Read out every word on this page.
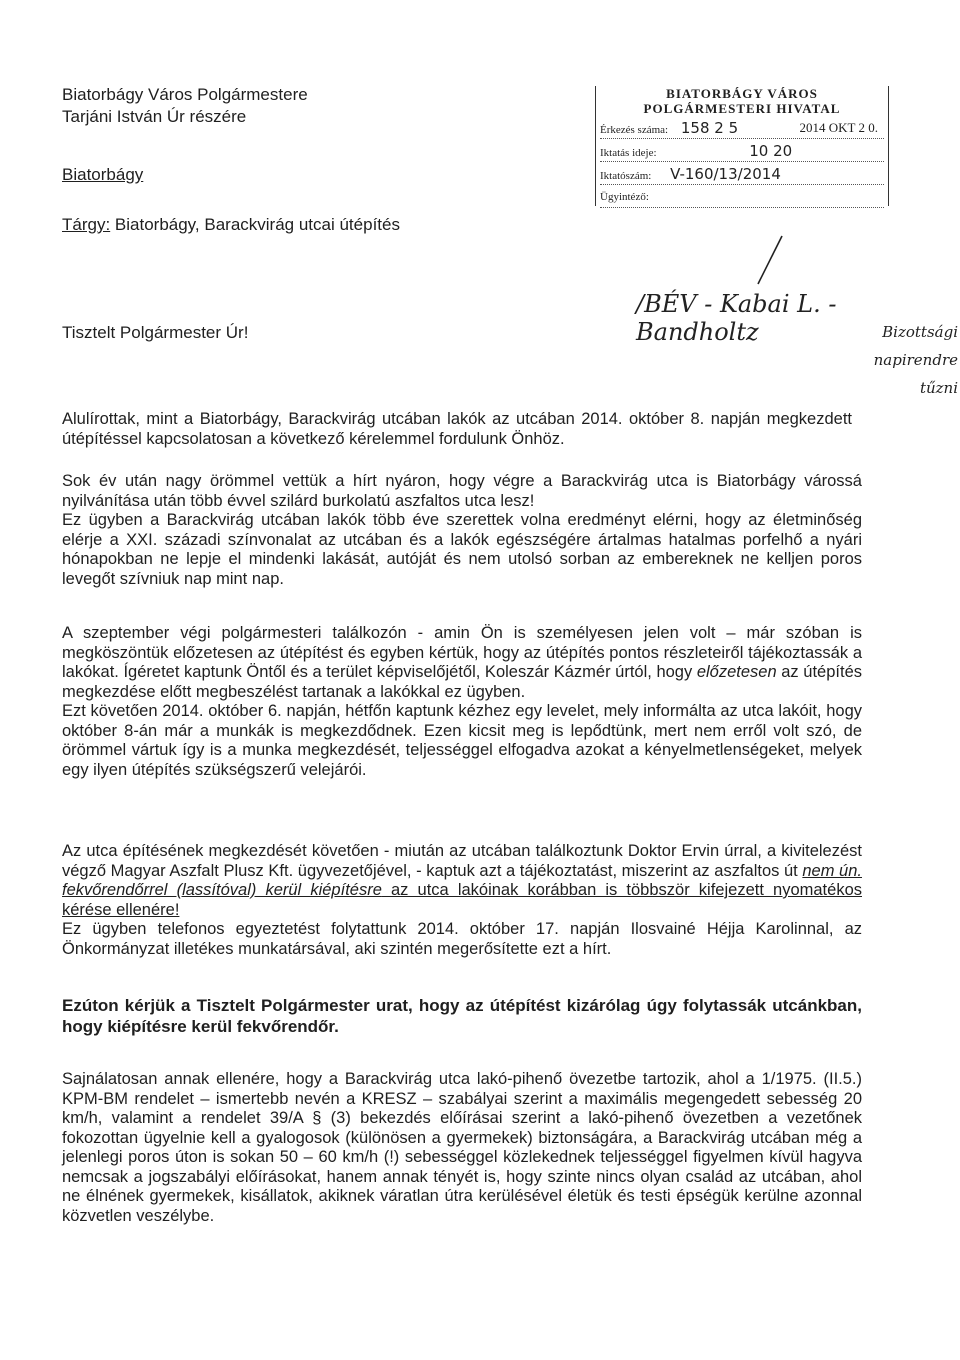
Biatorbágy Város Polgármestere
Tarjáni István Úr részére
Biatorbágy
Tárgy: Biatorbágy, Barackvirág utcai útépítés
BIATORBÁGY VÁROS
POLGÁRMESTERI HIVATAL
Érkezés száma: 158 2 5	2014 OKT 2 0.
Iktatás ideje:	10 20
Iktatószám: V-160/13/2014
Ügyintéző:
/BÉV - Kabai L. - Bandholtz	Bizottsági napirendre tűzni
Tisztelt Polgármester Úr!
Alulírottak, mint a Biatorbágy, Barackvirág utcában lakók az utcában 2014. október 8. napján megkezdett útépítéssel kapcsolatosan a következő kérelemmel fordulunk Önhöz.

Sok év után nagy örömmel vettük a hírt nyáron, hogy végre a Barackvirág utca is Biatorbágy várossá nyilvánítása után több évvel szilárd burkolatú aszfaltos utca lesz!

Ez ügyben a Barackvirág utcában lakók több éve szerettek volna eredményt elérni, hogy az életminőség elérje a XXI. századi színvonalat az utcában és a lakók egészségére ártalmas hatalmas porfelhő a nyári hónapokban ne lepje el mindenki lakását, autóját és nem utolsó sorban az embereknek ne kelljen poros levegőt szívniuk nap mint nap.

A szeptember végi polgármesteri találkozón - amin Ön is személyesen jelen volt – már szóban is megköszöntük előzetesen az útépítést és egyben kértük, hogy az útépítés pontos részleteiről tájékoztassák a lakókat. Ígéretet kaptunk Öntől és a terület képviselőjétől, Koleszár Kázmér úrtól, hogy előzetesen az útépítés megkezdése előtt megbeszélést tartanak a lakókkal ez ügyben.

Ezt követően 2014. október 6. napján, hétfőn kaptunk kézhez egy levelet, mely informálta az utca lakóit, hogy október 8-án már a munkák is megkezdődnek. Ezen kicsit meg is lepődtünk, mert nem erről volt szó, de örömmel vártuk így is a munka megkezdését, teljességgel elfogadva azokat a kényelmetlenségeket, melyek egy ilyen útépítés szükségszerű velejárói.

Az utca építésének megkezdését követően - miután az utcában találkoztunk Doktor Ervin úrral, a kivitelezést végző Magyar Aszfalt Plusz Kft. ügyvezetőjével, - kaptuk azt a tájékoztatást, miszerint az aszfaltos út nem ún. fekvőrendőrrel (lassítóval) kerül kiépítésre az utca lakóinak korábban is többször kifejezett nyomatékos kérése ellenére!

Ez ügyben telefonos egyeztetést folytattunk 2014. október 17. napján Ilosvainé Héjja Karolinnal, az Önkormányzat illetékes munkatársával, aki szintén megerősítette ezt a hírt.

Ezúton kérjük a Tisztelt Polgármester urat, hogy az útépítést kizárólag úgy folytassák utcánkban, hogy kiépítésre kerül fekvőrendőr.
Sajnálatosan annak ellenére, hogy a Barackvirág utca lakó-pihenő övezetbe tartozik, ahol a 1/1975. (II.5.) KPM-BM rendelet – ismertebb nevén a KRESZ – szabályai szerint a maximális megengedett sebesség 20 km/h, valamint a rendelet 39/A § (3) bekezdés előírásai szerint a lakó-pihenő övezetben a vezetőnek fokozottan ügyelnie kell a gyalogosok (különösen a gyermekek) biztonságára, a Barackvirág utcában még a jelenlegi poros úton is sokan 50 – 60 km/h (!) sebességgel közlekednek teljességgel figyelmen kívül hagyva nemcsak a jogszabályi előírásokat, hanem annak tényét is, hogy szinte nincs olyan család az utcában, ahol ne élnének gyermekek, kisállatok, akiknek váratlan útra kerülésével életük és testi épségük kerülne azonnal közvetlen veszélybe.
